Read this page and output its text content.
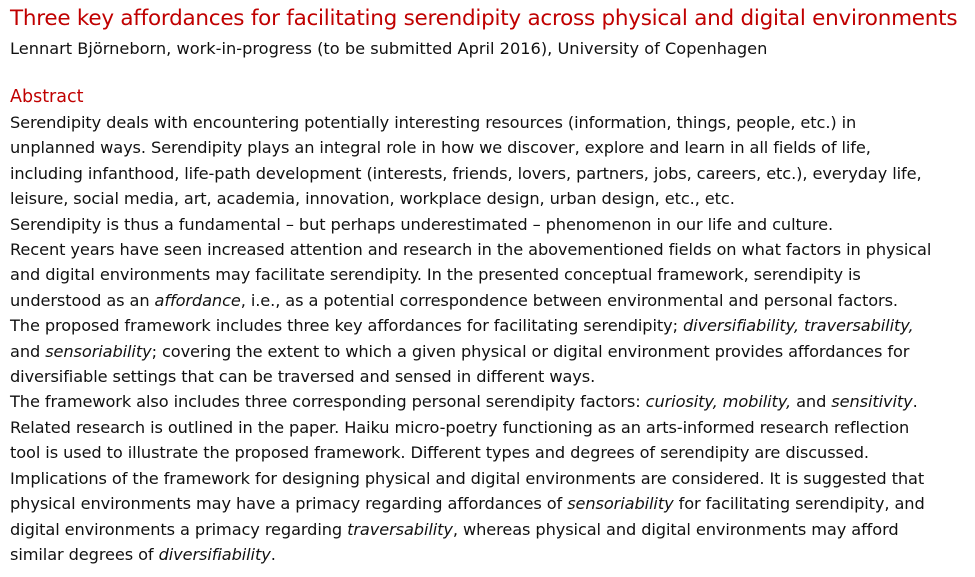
Three key affordances for facilitating serendipity across physical and digital environments
Lennart Björneborn, work-in-progress (to be submitted April 2016), University of Copenhagen
Abstract
Serendipity deals with encountering potentially interesting resources (information, things, people, etc.) in
unplanned ways. Serendipity plays an integral role in how we discover, explore and learn in all fields of life,
including infanthood, life-path development (interests, friends, lovers, partners, jobs, careers, etc.), everyday life,
leisure, social media, art, academia, innovation, workplace design, urban design, etc., etc.
Serendipity is thus a fundamental – but perhaps underestimated – phenomenon in our life and culture.
Recent years have seen increased attention and research in the abovementioned fields on what factors in physical
and digital environments may facilitate serendipity. In the presented conceptual framework, serendipity is
understood as an affordance, i.e., as a potential correspondence between environmental and personal factors.
The proposed framework includes three key affordances for facilitating serendipity; diversifiability, traversability,
and sensoriability; covering the extent to which a given physical or digital environment provides affordances for
diversifiable settings that can be traversed and sensed in different ways.
The framework also includes three corresponding personal serendipity factors: curiosity, mobility, and sensitivity.
Related research is outlined in the paper. Haiku micro-poetry functioning as an arts-informed research reflection
tool is used to illustrate the proposed framework. Different types and degrees of serendipity are discussed.
Implications of the framework for designing physical and digital environments are considered. It is suggested that
physical environments may have a primacy regarding affordances of sensoriability for facilitating serendipity, and
digital environments a primacy regarding traversability, whereas physical and digital environments may afford
similar degrees of diversifiability.
